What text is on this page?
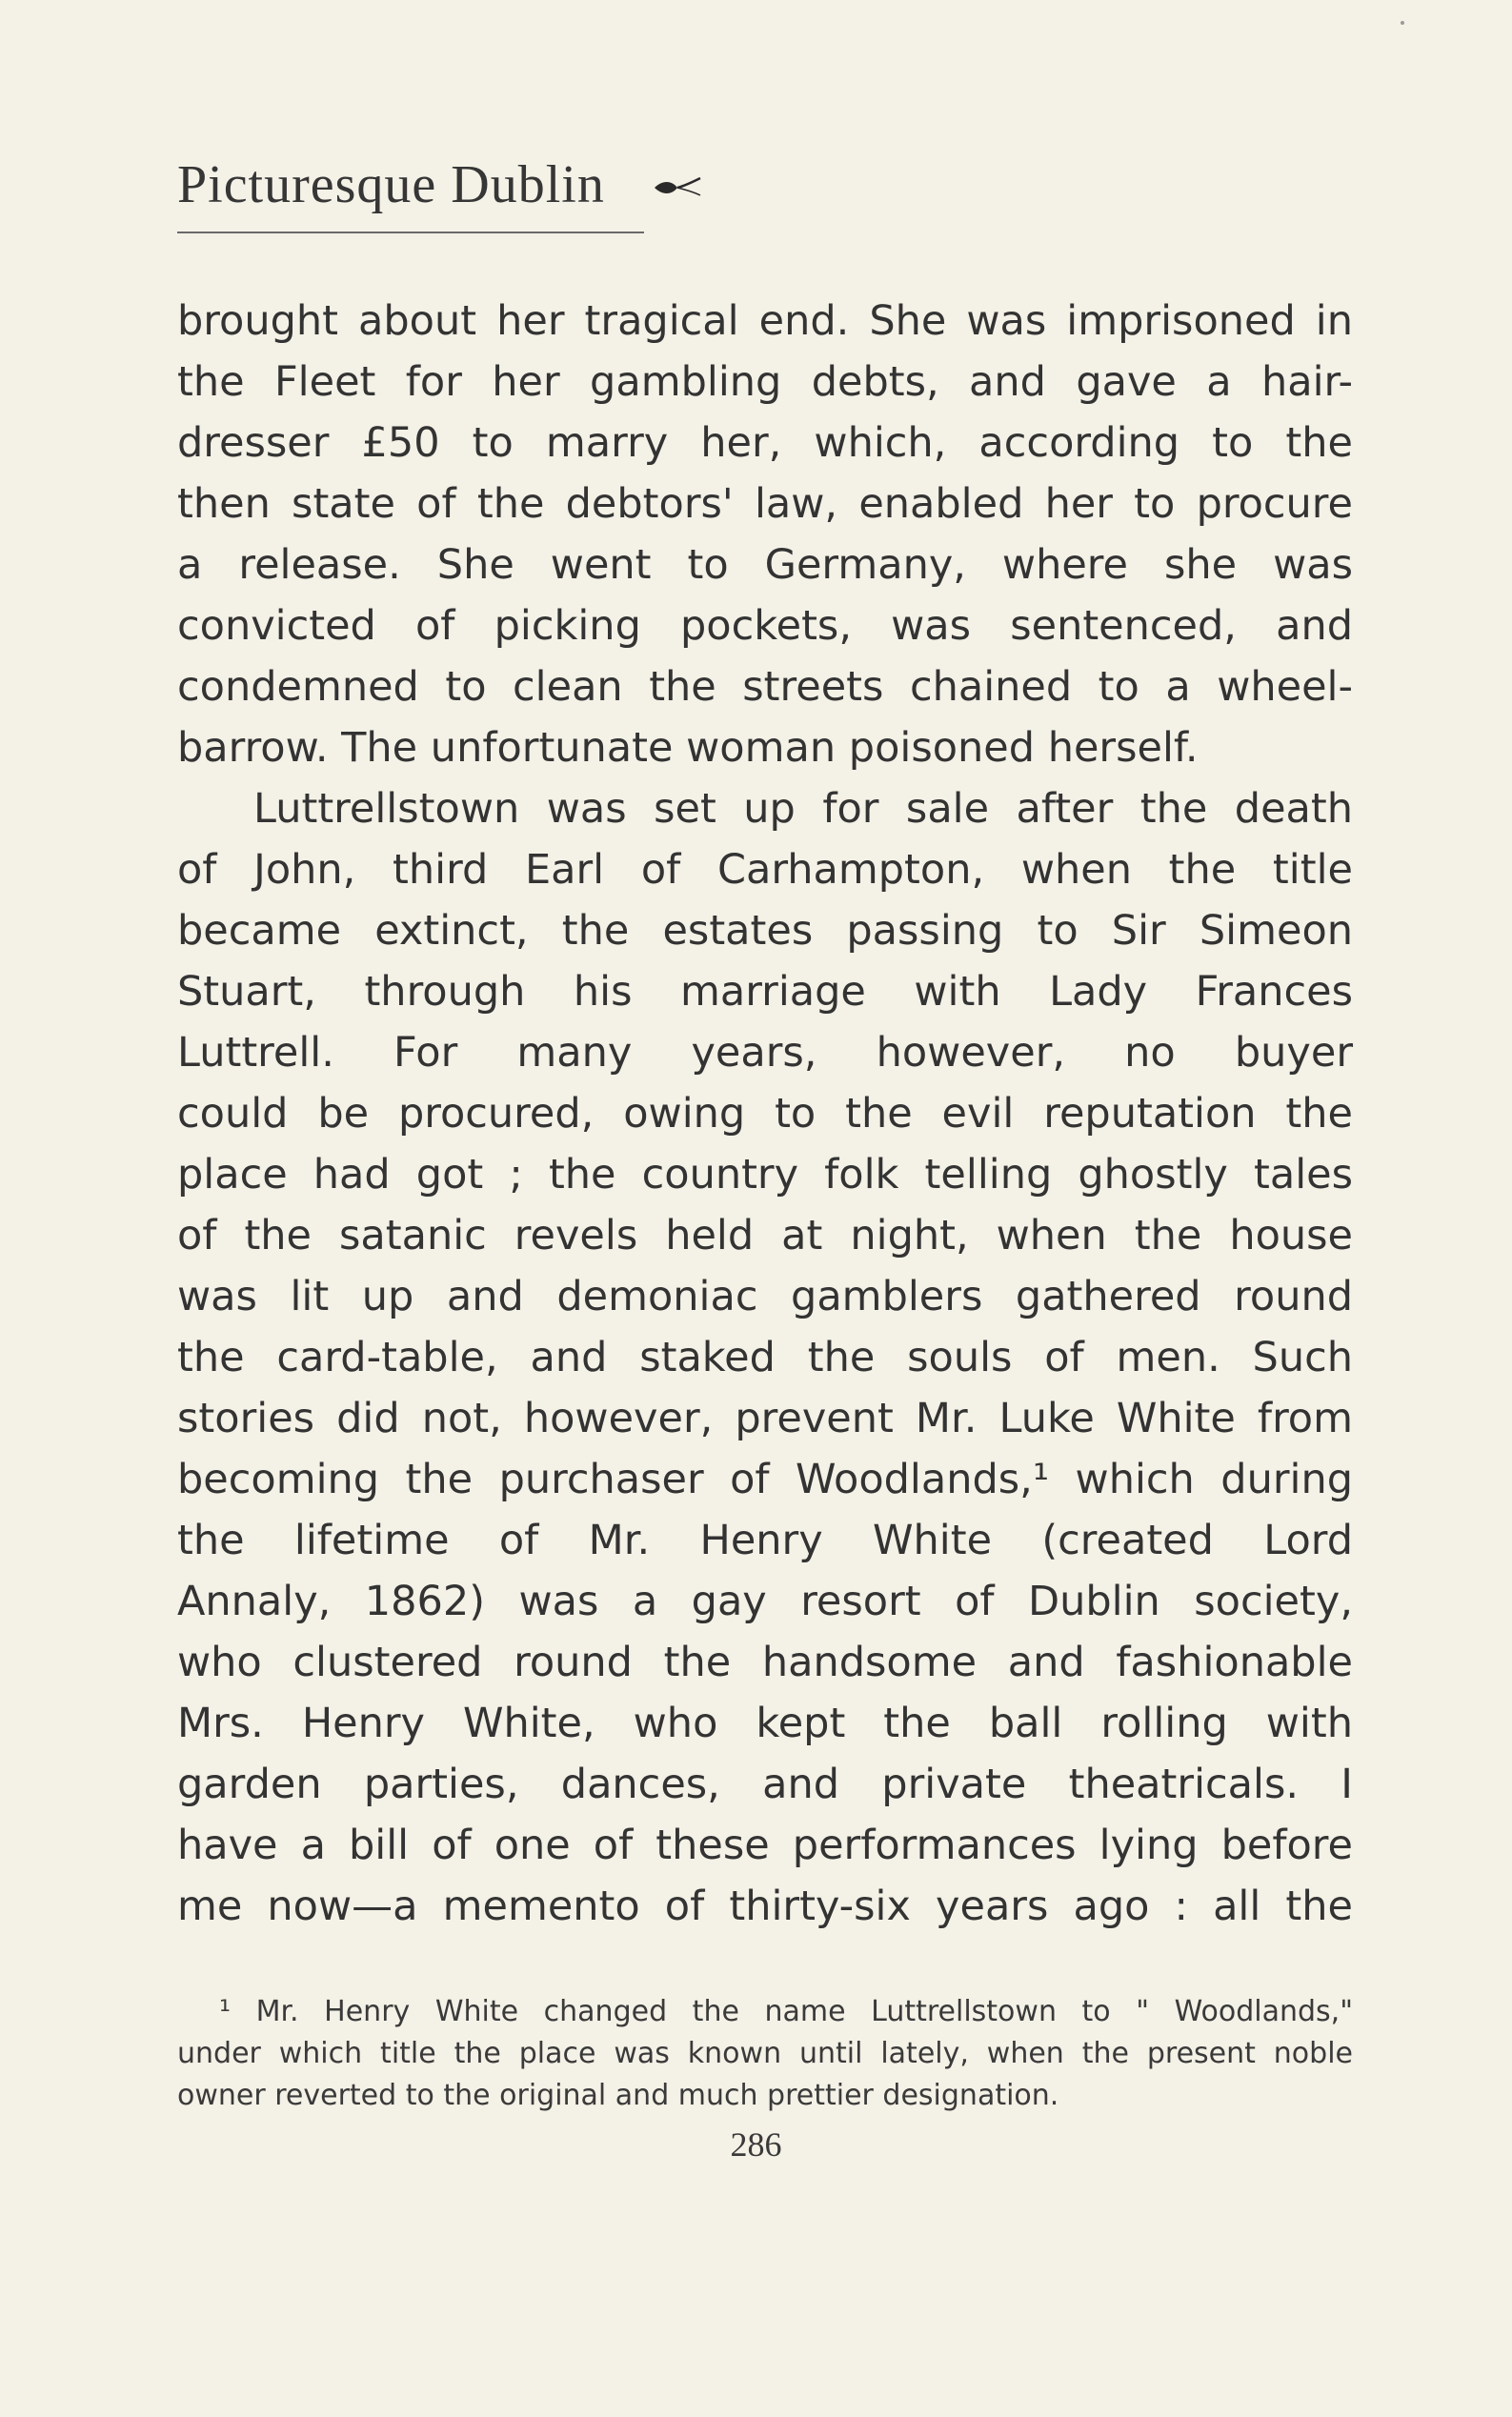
Picturesque Dublin
brought about her tragical end. She was imprisoned in
the Fleet for her gambling debts, and gave a hair-
dresser £50 to marry her, which, according to the
then state of the debtors' law, enabled her to procure
a release. She went to Germany, where she was
convicted of picking pockets, was sentenced, and
condemned to clean the streets chained to a wheel-
barrow. The unfortunate woman poisoned herself.
Luttrellstown was set up for sale after the death
of John, third Earl of Carhampton, when the title
became extinct, the estates passing to Sir Simeon
Stuart, through his marriage with Lady Frances
Luttrell. For many years, however, no buyer
could be procured, owing to the evil reputation the
place had got ; the country folk telling ghostly tales
of the satanic revels held at night, when the house
was lit up and demoniac gamblers gathered round
the card-table, and staked the souls of men. Such
stories did not, however, prevent Mr. Luke White from
becoming the purchaser of Woodlands,¹ which during
the lifetime of Mr. Henry White (created Lord
Annaly, 1862) was a gay resort of Dublin society,
who clustered round the handsome and fashionable
Mrs. Henry White, who kept the ball rolling with
garden parties, dances, and private theatricals. I
have a bill of one of these performances lying before
me now—a memento of thirty-six years ago : all the
¹ Mr. Henry White changed the name Luttrellstown to " Woodlands,"
under which title the place was known until lately, when the present noble
owner reverted to the original and much prettier designation.
286
